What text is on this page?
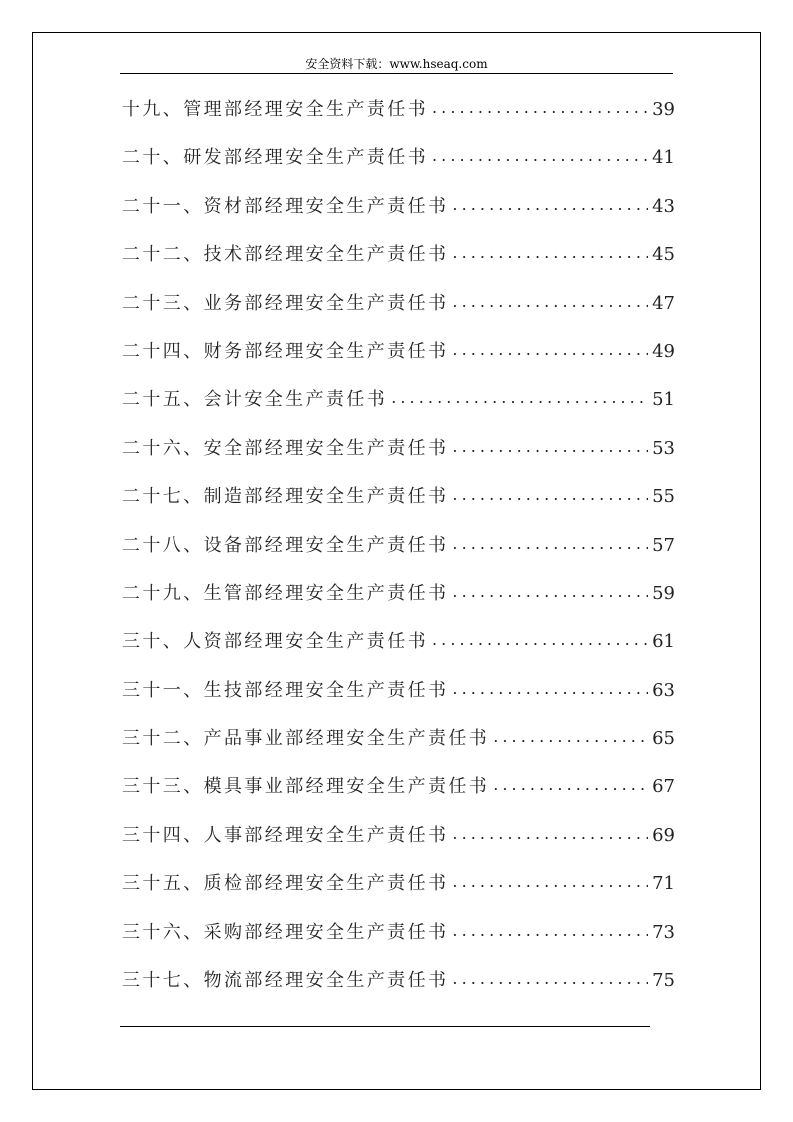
安全资料下载：www.hseaq.com
十九、管理部经理安全生产责任书 . . .	39
二十、研发部经理安全生产责任书 . . .	41
二十一、资材部经理安全生产责任书 . . .	43
二十二、技术部经理安全生产责任书 . . .	45
二十三、业务部经理安全生产责任书 . . .	47
二十四、财务部经理安全生产责任书 . . .	49
二十五、会计安全生产责任书 . . .	51
二十六、安全部经理安全生产责任书 . . .	53
二十七、制造部经理安全生产责任书 . . .	55
二十八、设备部经理安全生产责任书 . . .	57
二十九、生管部经理安全生产责任书 . . .	59
三十、人资部经理安全生产责任书 . . .	61
三十一、生技部经理安全生产责任书 . . .	63
三十二、产品事业部经理安全生产责任书 . . .	65
三十三、模具事业部经理安全生产责任书 . . .	67
三十四、人事部经理安全生产责任书 . . .	69
三十五、质检部经理安全生产责任书 . . .	71
三十六、采购部经理安全生产责任书 . . .	73
三十七、物流部经理安全生产责任书 . . .	75
